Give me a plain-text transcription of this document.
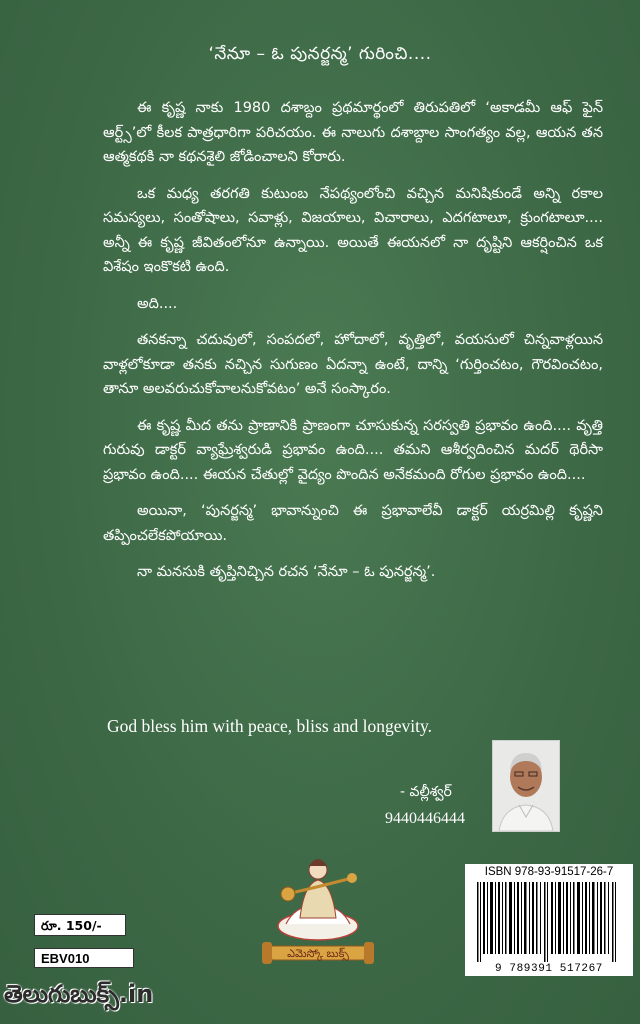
‘నేనూ – ఓ పునర్జన్మ’ గురించి....

ఈ కృష్ణ నాకు 1980 దశాబ్దం ప్రథమార్థంలో తిరుపతిలో ‘అకాడమీ ఆఫ్ ఫైన్ ఆర్ట్స్’లో కీలక పాత్రధారిగా పరిచయం. ఈ నాలుగు దశాబ్దాల సాంగత్యం వల్ల, ఆయన తన ఆత్మకథకి నా కథనశైలి జోడించాలని కోరారు.

ఒక మధ్య తరగతి కుటుంబ నేపథ్యంలోంచి వచ్చిన మనిషికుండే అన్ని రకాల సమస్యలు, సంతోషాలు, సవాళ్లు, విజయాలు, విచారాలు, ఎదగటాలూ, క్రుంగటాలూ.... అన్నీ ఈ కృష్ణ జీవితంలోనూ ఉన్నాయి. అయితే ఈయనలో నా దృష్టిని ఆకర్షించిన ఒక విశేషం ఇంకొకటి ఉంది.

అది....

తనకన్నా చదువులో, సంపదలో, హోదాలో, వృత్తిలో, వయసులో చిన్నవాళ్లయిన వాళ్లలోకూడా తనకు నచ్చిన సుగుణం ఏదన్నా ఉంటే, దాన్ని ‘గుర్తించటం, గౌరవించటం, తానూ అలవరుచుకోవాలనుకోవటం’ అనే సంస్కారం.

ఈ కృష్ణ మీద తను ప్రాణానికి ప్రాణంగా చూసుకున్న సరస్వతి ప్రభావం ఉంది.... వృత్తి గురువు డాక్టర్ వ్యాఘ్రేశ్వరుడి ప్రభావం ఉంది.... తమని ఆశీర్వదించిన మదర్ థెరీసా ప్రభావం ఉంది.... ఈయన చేతుల్లో వైద్యం పొందిన అనేకమంది రోగుల ప్రభావం ఉంది....

అయినా, ‘పునర్జన్మ’ భావాన్నుంచి ఈ ప్రభావాలేవీ డాక్టర్ యర్రమిల్లి కృష్ణని తప్పించలేకపోయాయి.

నా మనసుకి తృప్తినిచ్చిన రచన ‘నేనూ – ఓ పునర్జన్మ’.

God bless him with peace, bliss and longevity.
- వల్లీశ్వర్
9440446444
ఎమెస్కో బుక్స్
ISBN 978-93-91517-26-7
9 789391 517267
రూ. 150/-
EBV010
తెలుగుబుక్స్.in
